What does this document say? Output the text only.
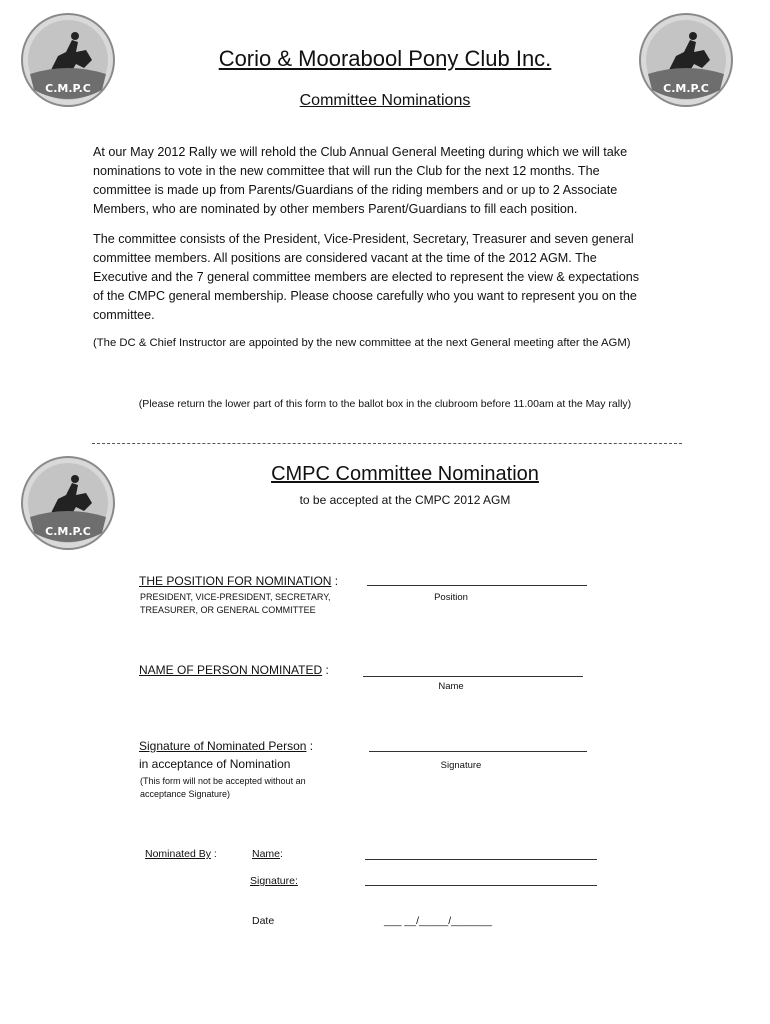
C.M.P.C	C.M.P.C
Corio & Moorabool Pony Club Inc.
Committee Nominations
At our May 2012 Rally we will rehold the Club Annual General Meeting during which we will take
nominations to vote in the new committee that will run the Club for the next 12 months. The
committee is made up from Parents/Guardians of the riding members and or up to 2 Associate
Members, who are nominated by other members Parent/Guardians to fill each position.
The committee consists of the President, Vice-President, Secretary, Treasurer and seven general
committee members. All positions are considered vacant at the time of the 2012 AGM. The
Executive and the 7 general committee members are elected to represent the view & expectations
of the CMPC general membership. Please choose carefully who you want to represent you on the
committee.
(The DC & Chief Instructor are appointed by the new committee at the next General meeting after the AGM)
(Please return the lower part of this form to the ballot box in the clubroom before 11.00am at the May rally)
C.M.P.C
CMPC Committee Nomination
to be accepted at the CMPC 2012 AGM
THE POSITION FOR NOMINATION :
PRESIDENT, VICE-PRESIDENT, SECRETARY,
TREASURER, OR GENERAL COMMITTEE
Position
NAME OF PERSON NOMINATED :
Name
Signature of Nominated Person :
in acceptance of Nomination
(This form will not be accepted without an
acceptance Signature)
Signature
Nominated By :	Name:
Signature:
Date	___ __/_____/_______
